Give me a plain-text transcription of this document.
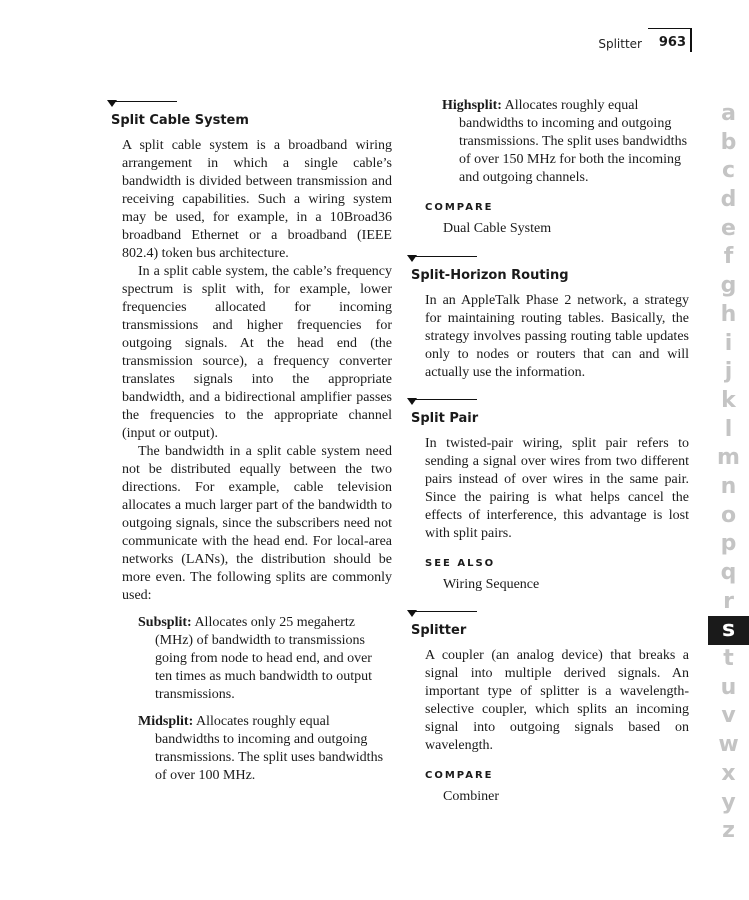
Splitter 963
Split Cable System

A split cable system is a broadband wiring arrangement in which a single cable’s bandwidth is divided between transmission and receiving capabilities. Such a wiring system may be used, for example, in a 10Broad36 broadband Ethernet or a broadband (IEEE 802.4) token bus architecture.

In a split cable system, the cable’s frequency spectrum is split with, for example, lower frequencies allocated for incoming transmissions and higher frequencies for outgoing signals. At the head end (the transmission source), a frequency converter translates signals into the appropriate bandwidth, and a bidirectional amplifier passes the frequencies to the appropriate channel (input or output).

The bandwidth in a split cable system need not be distributed equally between the two directions. For example, cable television allocates a much larger part of the bandwidth to outgoing signals, since the subscribers need not communicate with the head end. For local-area networks (LANs), the distribution should be more even. The following splits are commonly used:

Subsplit: Allocates only 25 megahertz (MHz) of bandwidth to transmissions going from node to head end, and over ten times as much bandwidth to output transmissions.
Midsplit: Allocates roughly equal bandwidths to incoming and outgoing transmissions. The split uses bandwidths of over 100 MHz.
Highsplit: Allocates roughly equal bandwidths to incoming and outgoing transmissions. The split uses bandwidths of over 150 MHz for both the incoming and outgoing channels.
COMPARE
Dual Cable System
Split-Horizon Routing

In an AppleTalk Phase 2 network, a strategy for maintaining routing tables. Basically, the strategy involves passing routing table updates only to nodes or routers that can and will actually use the information.

Split Pair

In twisted-pair wiring, split pair refers to sending a signal over wires from two different pairs instead of over wires in the same pair. Since the pairing is what helps cancel the effects of interference, this advantage is lost with split pairs.

SEE ALSO
Wiring Sequence
Splitter

A coupler (an analog device) that breaks a signal into multiple derived signals. An important type of splitter is a wavelength-selective coupler, which splits an incoming signal into outgoing signals based on wavelength.

COMPARE
Combiner
a
b
c
d
e
f
g
h
i
j
k
l
m
n
o
p
q
r
s
t
u
v
w
x
y
z
